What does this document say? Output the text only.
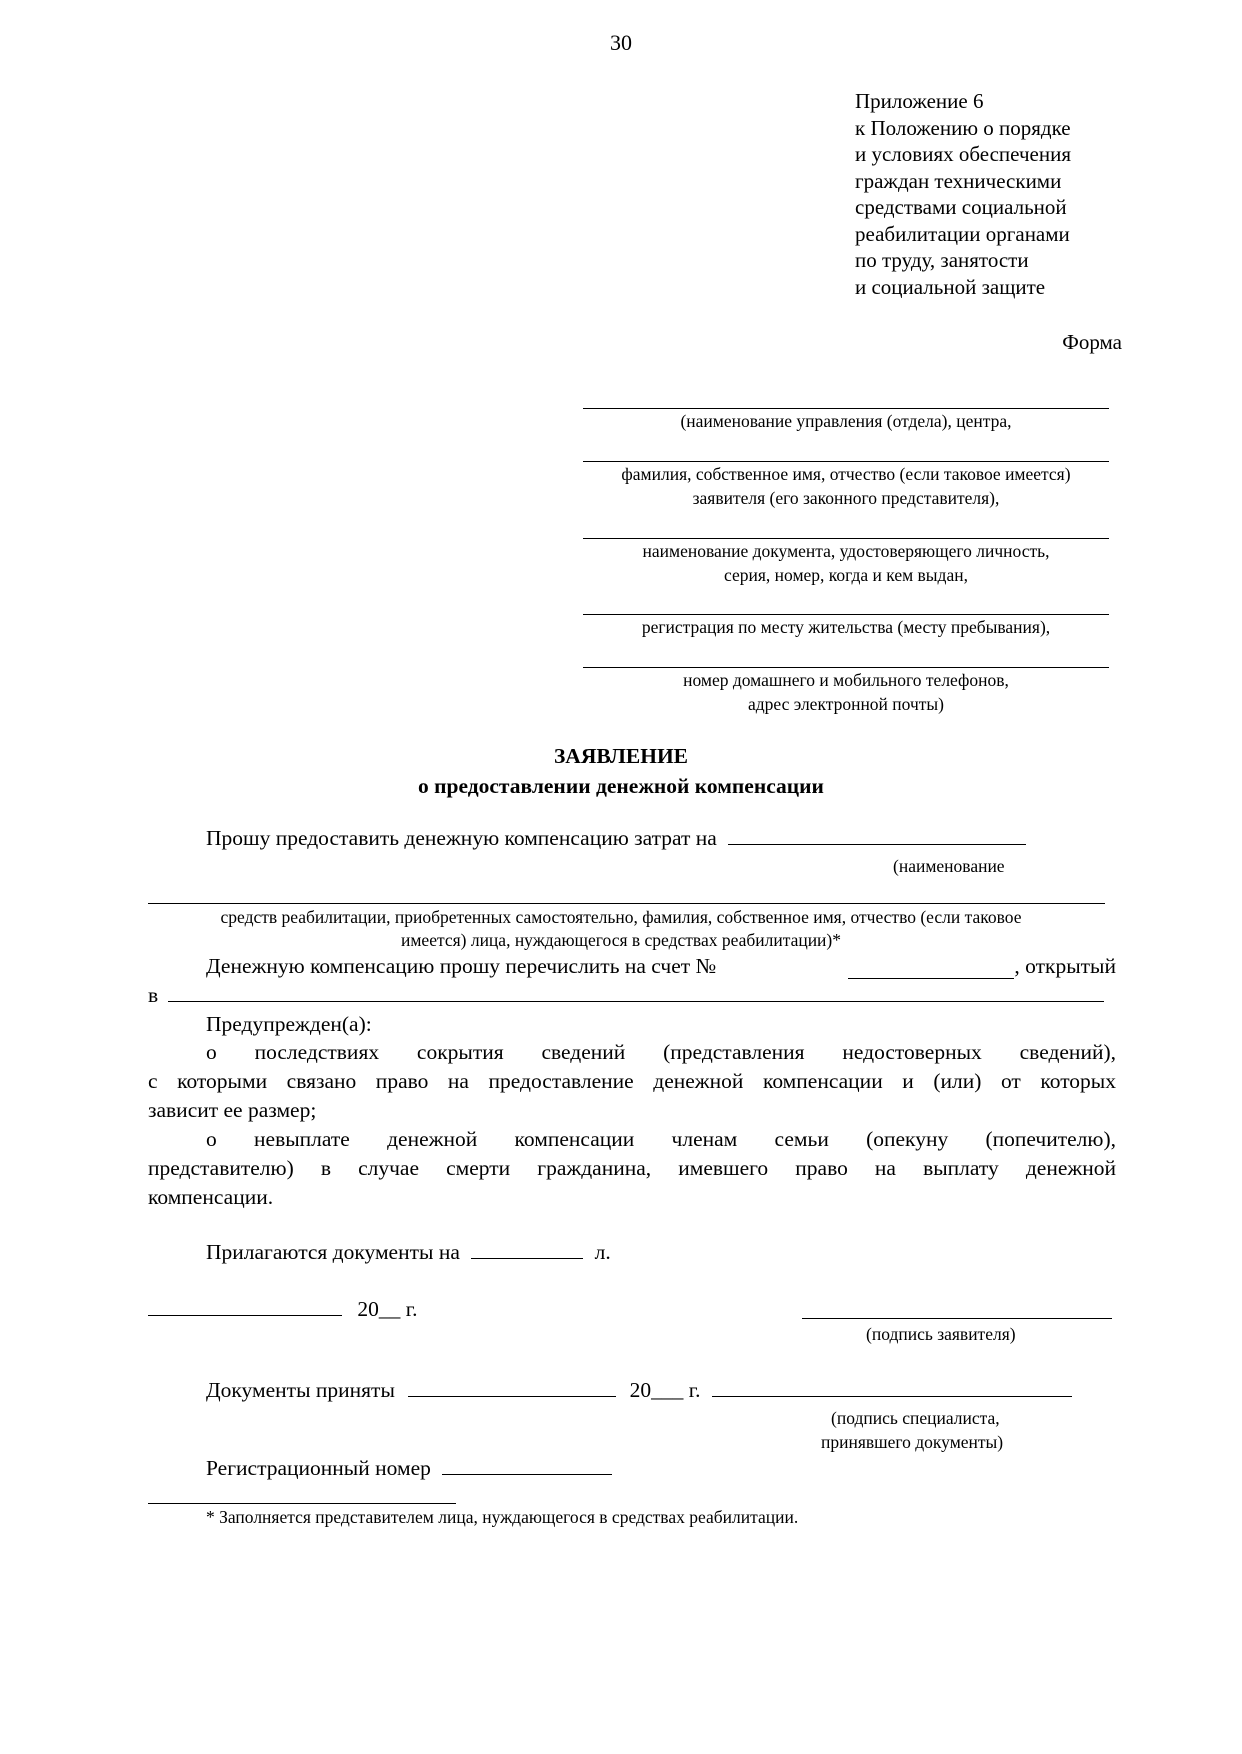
30
Приложение 6
к Положению о порядке
и условиях обеспечения
граждан техническими
средствами социальной
реабилитации органами
по труду, занятости
и социальной защите
Форма
(наименование управления (отдела), центра,
фамилия, собственное имя, отчество (если таковое имеется) заявителя (его законного представителя),
наименование документа, удостоверяющего личность, серия, номер, когда и кем выдан,
регистрация по месту жительства (месту пребывания),
номер домашнего и мобильного телефонов, адрес электронной почты)
ЗАЯВЛЕНИЕ
о предоставлении денежной компенсации
Прошу предоставить денежную компенсацию затрат на
(наименование
средств реабилитации, приобретенных самостоятельно, фамилия, собственное имя, отчество (если таковое
имеется) лица, нуждающегося в средствах реабилитации)*
Денежную компенсацию прошу перечислить на счет №	, открытый
в
Предупрежден(а):
о последствиях сокрытия сведений (представления недостоверных сведений),
с которыми связано право на предоставление денежной компенсации и (или) от которых
зависит ее размер;
о невыплате денежной компенсации членам семьи (опекуну (попечителю),
представителю) в случае смерти гражданина, имевшего право на выплату денежной
компенсации.
Прилагаются документы на	л.
20__ г.
(подпись заявителя)
Документы приняты	20___ г.
(подпись специалиста,
принявшего документы)
Регистрационный номер
* Заполняется представителем лица, нуждающегося в средствах реабилитации.
